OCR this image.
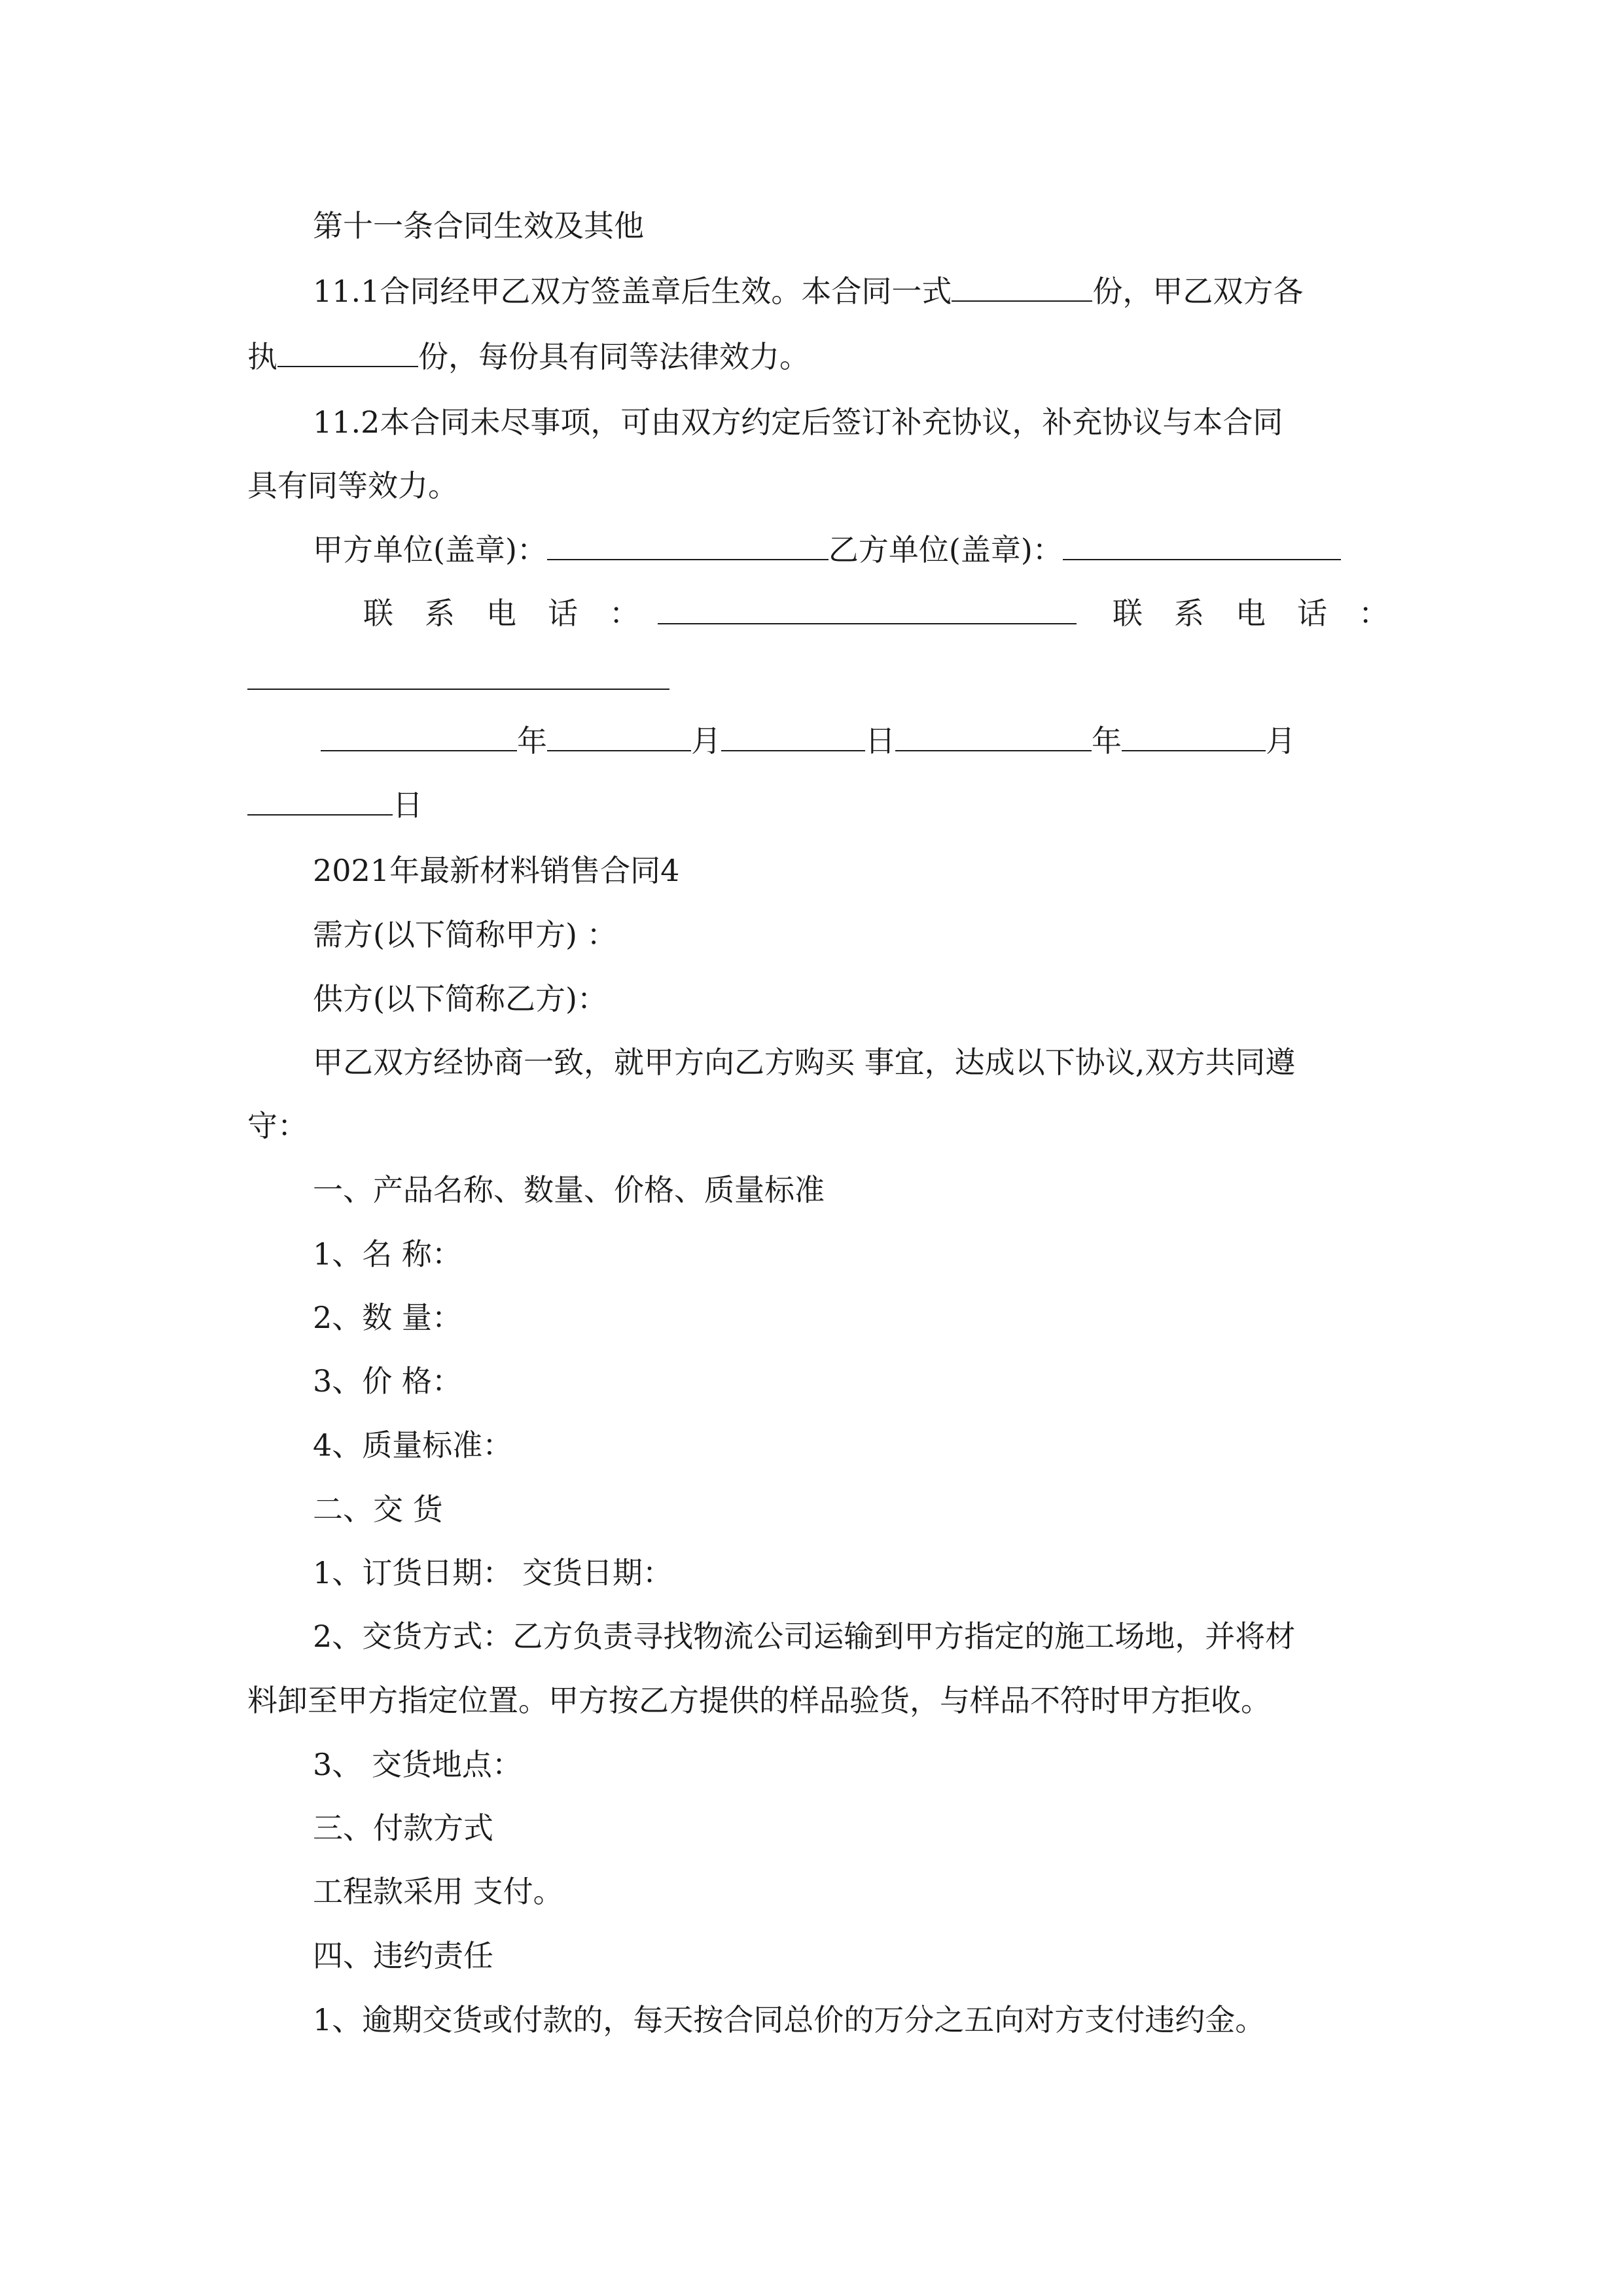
第十一条合同生效及其他
11.1合同经甲乙双方签盖章后生效。本合同一式	份，甲乙双方各
执	份，每份具有同等法律效力。
11.2本合同未尽事项，可由双方约定后签订补充协议，补充协议与本合同
具有同等效力。
甲方单位(盖章)：	乙方单位(盖章)：
联系电话：	联系电话：
年	月	日	年	月
日
2021年最新材料销售合同4
需方(以下简称甲方) ：
供方(以下简称乙方)：
甲乙双方经协商一致，就甲方向乙方购买 事宜，达成以下协议,双方共同遵
守：
一、产品名称、数量、价格、质量标准
1、名 称：
2、数 量：
3、价 格：
4、质量标准：
二、交 货
1、订货日期： 交货日期：
2、交货方式：乙方负责寻找物流公司运输到甲方指定的施工场地，并将材
料卸至甲方指定位置。甲方按乙方提供的样品验货，与样品不符时甲方拒收。
3、 交货地点：
三、付款方式
工程款采用 支付。
四、违约责任
1、逾期交货或付款的，每天按合同总价的万分之五向对方支付违约金。
